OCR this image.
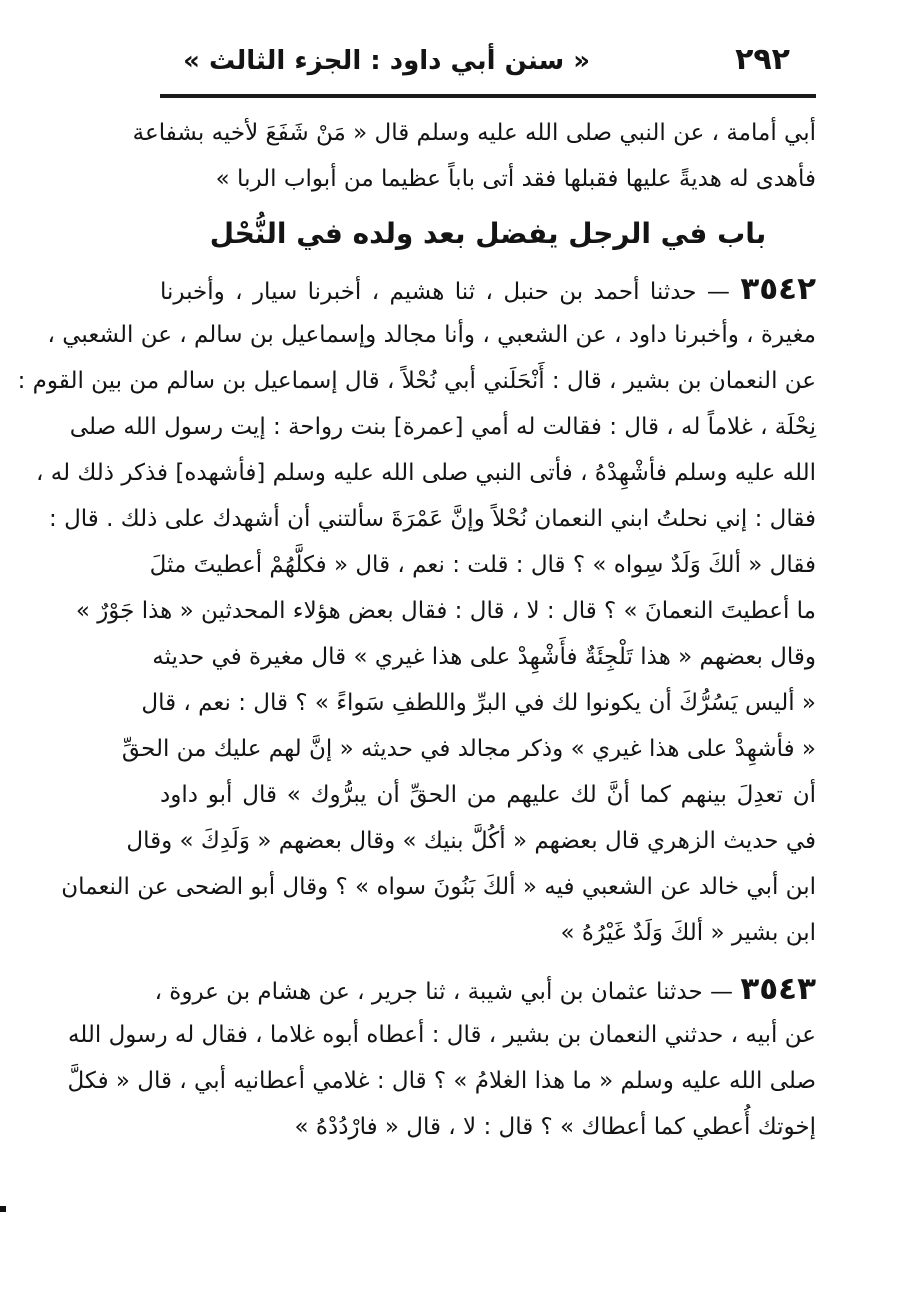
٢٩٢
« سنن أبي داود : الجزء الثالث »
أبي أمامة ، عن النبي صلى الله عليه وسلم قال « مَنْ شَفَعَ لأخيه بشفاعة
فأهدى له هديةً عليها فقبلها فقد أتى باباً عظيما من أبواب الربا »
باب في الرجل يفضل بعد ولده في النُّحْل
٣٥٤٢ — حدثنا أحمد بن حنبل ، ثنا هشيم ، أخبرنا سيار ، وأخبرنا
مغيرة ، وأخبرنا داود ، عن الشعبي ، وأنا مجالد وإسماعيل بن سالم ، عن الشعبي ،
عن النعمان بن بشير ، قال : أَنْحَلَني أبي نُحْلاً ، قال إسماعيل بن سالم من بين القوم :
نِحْلَة ، غلاماً له ، قال : فقالت له أمي [عمرة] بنت رواحة : إيت رسول الله صلى
الله عليه وسلم فأشْهِدْهُ ، فأتى النبي صلى الله عليه وسلم [فأشهده] فذكر ذلك له ،
فقال : إني نحلتُ ابني النعمان نُحْلاً وإنَّ عَمْرَةَ سألتني أن أشهدك على ذلك . قال :
فقال « ألكَ وَلَدٌ سِواه » ؟ قال : قلت : نعم ، قال « فكلَّهُمْ أعطيتَ مثلَ
ما أعطيتَ النعمانَ » ؟ قال : لا ، قال : فقال بعض هؤلاء المحدثين « هذا جَوْرٌ »
وقال بعضهم « هذا تَلْجِئَةٌ فأَشْهِدْ على هذا غيري » قال مغيرة في حديثه
« أليس يَسُرُّكَ أن يكونوا لك في البرِّ واللطفِ سَواءً » ؟ قال : نعم ، قال
« فأشهِدْ على هذا غيري » وذكر مجالد في حديثه « إنَّ لهم عليك من الحقِّ
أن تعدِلَ بينهم كما أنَّ لك عليهم من الحقِّ أن يبرُّوك » قال أبو داود
في حديث الزهري قال بعضهم « أكُلَّ بنيك » وقال بعضهم « وَلَدِكَ » وقال
ابن أبي خالد عن الشعبي فيه « ألكَ بَنُونَ سواه » ؟ وقال أبو الضحى عن النعمان
ابن بشير « ألكَ وَلَدٌ غَيْرُهُ »
٣٥٤٣ — حدثنا عثمان بن أبي شيبة ، ثنا جرير ، عن هشام بن عروة ،
عن أبيه ، حدثني النعمان بن بشير ، قال : أعطاه أبوه غلاما ، فقال له رسول الله
صلى الله عليه وسلم « ما هذا الغلامُ » ؟ قال : غلامي أعطانيه أبي ، قال « فكلَّ
إخوتك أُعطي كما أعطاك » ؟ قال : لا ، قال « فارْدُدْهُ »
